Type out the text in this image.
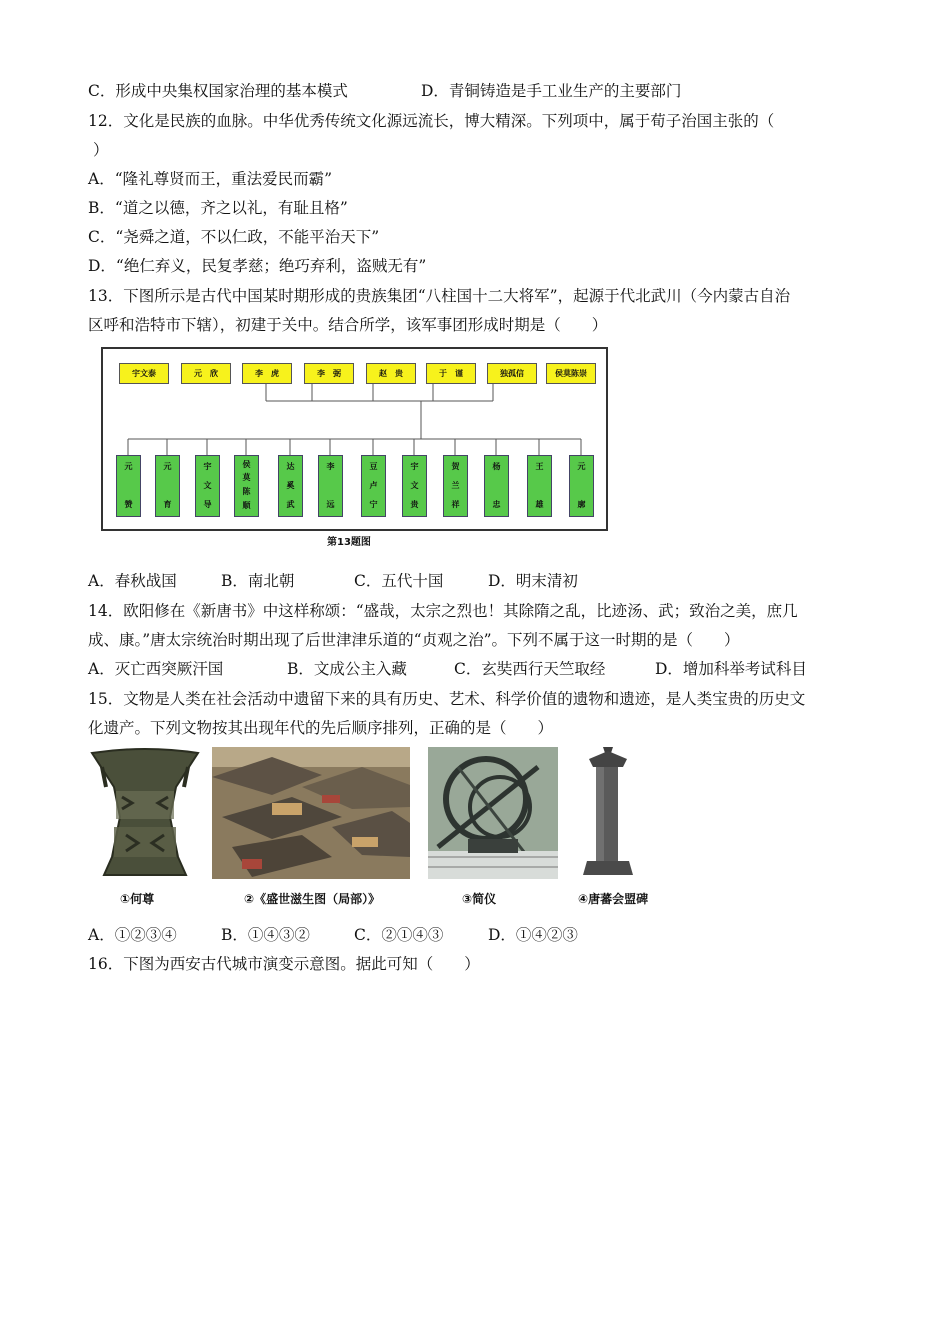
C．形成中央集权国家治理的基本模式	D．青铜铸造是手工业生产的主要部门
12．文化是民族的血脉。中华优秀传统文化源远流长，博大精深。下列项中，属于荀子治国主张的（
）
A．“隆礼尊贤而王，重法爱民而霸”
B．“道之以德，齐之以礼，有耻且格”
C．“尧舜之道，不以仁政，不能平治天下”
D．“绝仁弃义，民复孝慈；绝巧弃利，盗贼无有”
13．下图所示是古代中国某时期形成的贵族集团“八柱国十二大将军”，起源于代北武川（今内蒙古自治
区呼和浩特市下辖），初建于关中。结合所学，该军事团形成时期是（　　）
宇文泰	元　欣	李　虎	李　弼	赵　贵	于　谨	独孤信	侯莫陈崇
元
赞
元
育
宇
文
导
侯
莫
陈
顺
达
奚
武
李
远
豆
卢
宁
宇
文
贵
贺
兰
祥
杨
忠
王
雄
元
廓
第13题图
A．春秋战国	B．南北朝	C．五代十国	D．明末清初
14．欧阳修在《新唐书》中这样称颂：“盛哉，太宗之烈也！其除隋之乱，比迹汤、武；致治之美，庶几
成、康。”唐太宗统治时期出现了后世津津乐道的“贞观之治”。下列不属于这一时期的是（　　）
A．灭亡西突厥汗国	B．文成公主入藏	C．玄奘西行天竺取经	D．增加科举考试科目
15．文物是人类在社会活动中遗留下来的具有历史、艺术、科学价值的遗物和遗迹，是人类宝贵的历史文
化遗产。下列文物按其出现年代的先后顺序排列，正确的是（　　）
①何尊	②《盛世滋生图（局部）》	③简仪	④唐蕃会盟碑
A．①②③④	B．①④③②	C．②①④③	D．①④②③
16．下图为西安古代城市演变示意图。据此可知（　　）
